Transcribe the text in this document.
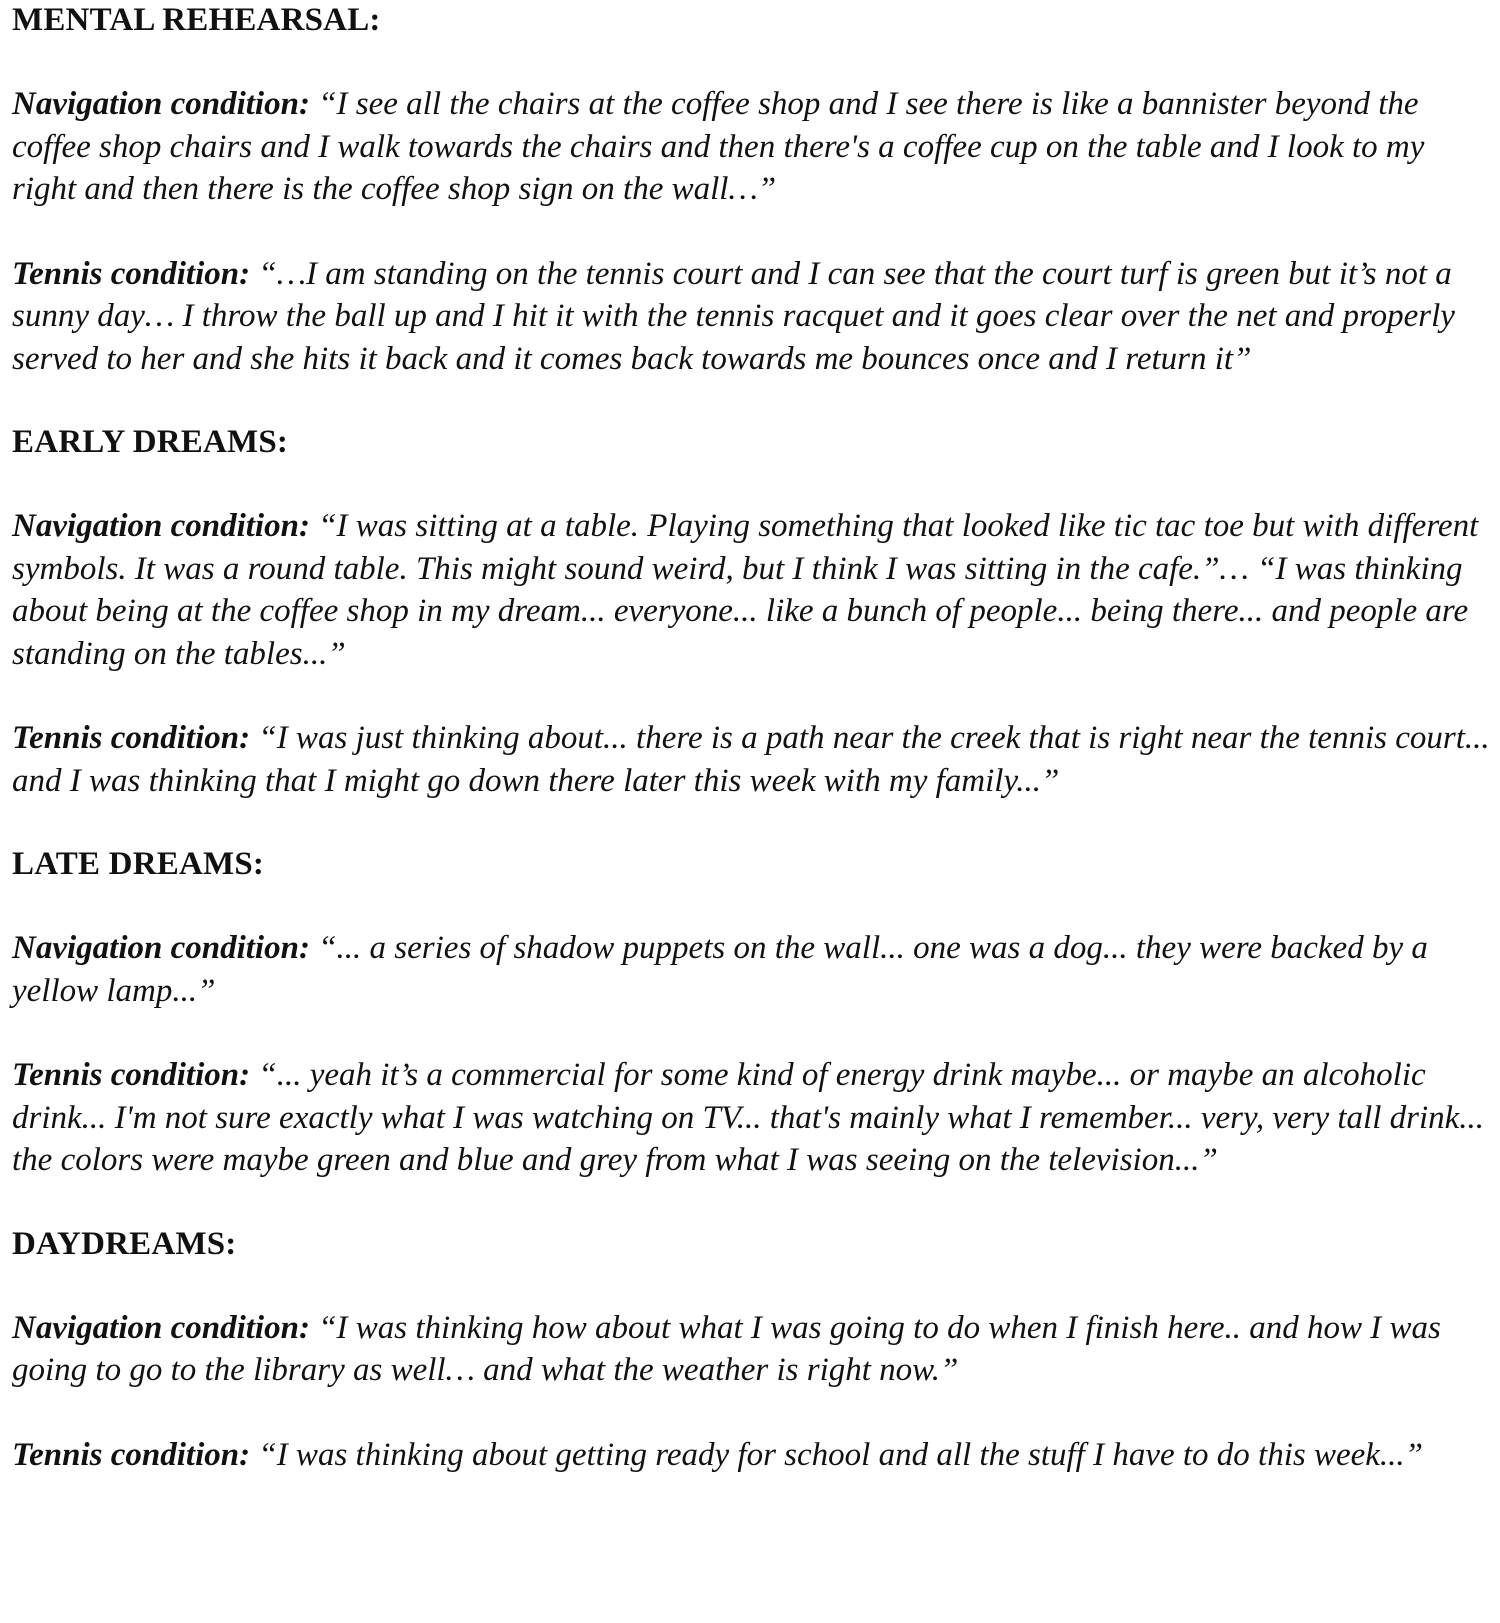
MENTAL REHEARSAL:

Navigation condition: “I see all the chairs at the coffee shop and I see there is like a bannister beyond the coffee shop chairs and I walk towards the chairs and then there's a coffee cup on the table and I look to my right and then there is the coffee shop sign on the wall…”

Tennis condition: “…I am standing on the tennis court and I can see that the court turf is green but it’s not a sunny day… I throw the ball up and I hit it with the tennis racquet and it goes clear over the net and properly served to her and she hits it back and it comes back towards me bounces once and I return it”

EARLY DREAMS:

Navigation condition: “I was sitting at a table. Playing something that looked like tic tac toe but with different symbols. It was a round table. This might sound weird, but I think I was sitting in the cafe.”… “I was thinking about being at the coffee shop in my dream... everyone... like a bunch of people... being there... and people are standing on the tables...”

Tennis condition: “I was just thinking about... there is a path near the creek that is right near the tennis court... and I was thinking that I might go down there later this week with my family...”

LATE DREAMS:

Navigation condition: “... a series of shadow puppets on the wall... one was a dog... they were backed by a yellow lamp...”

Tennis condition: “... yeah it’s a commercial for some kind of energy drink maybe... or maybe an alcoholic drink... I'm not sure exactly what I was watching on TV... that's mainly what I remember... very, very tall drink... the colors were maybe green and blue and grey from what I was seeing on the television...”

DAYDREAMS:

Navigation condition: “I was thinking how about what I was going to do when I finish here.. and how I was going to go to the library as well… and what the weather is right now.”

Tennis condition: “I was thinking about getting ready for school and all the stuff I have to do this week...”
